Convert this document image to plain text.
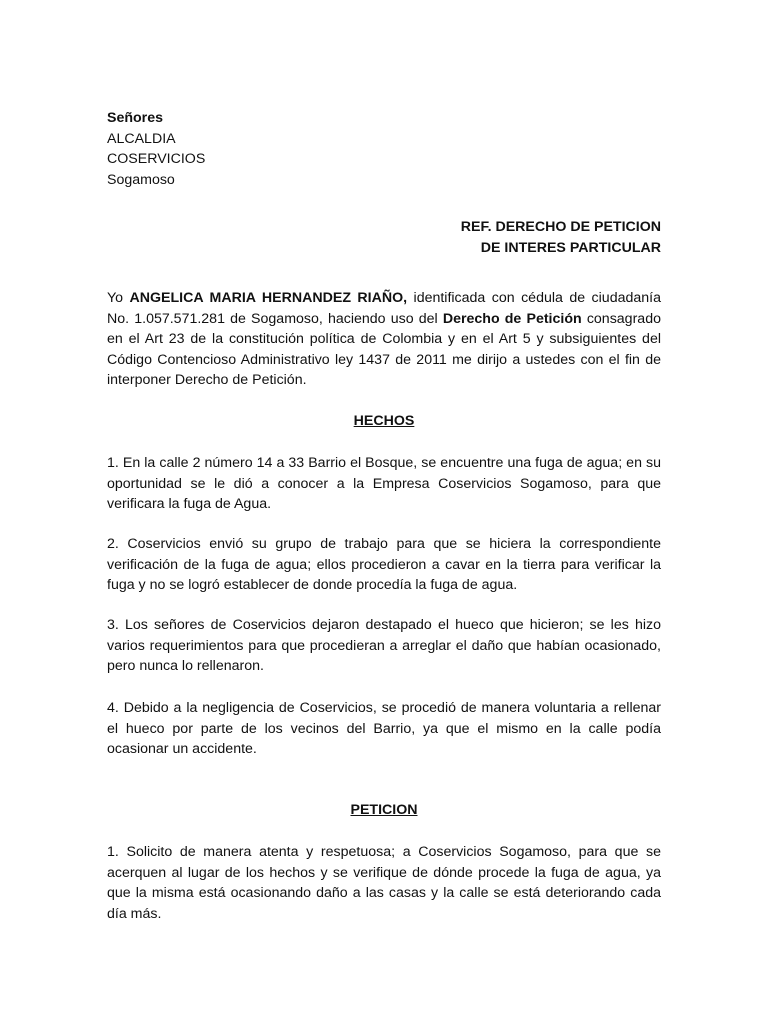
Señores

ALCALDIA

COSERVICIOS

Sogamoso

REF. DERECHO DE PETICION

DE INTERES PARTICULAR

Yo ANGELICA MARIA HERNANDEZ RIAÑO, identificada con cédula de ciudadanía No. 1.057.571.281 de Sogamoso, haciendo uso del Derecho de Petición consagrado en el Art 23 de la constitución política de Colombia y en el Art 5 y subsiguientes del Código Contencioso Administrativo ley 1437 de 2011 me dirijo a ustedes con el fin de interponer Derecho de Petición.

HECHOS

1. En la calle 2 número 14 a 33 Barrio el Bosque, se encuentre una fuga de agua; en su oportunidad se le dió a conocer a la Empresa Coservicios Sogamoso, para que verificara la fuga de Agua.

2. Coservicios envió su grupo de trabajo para que se hiciera la correspondiente verificación de la fuga de agua; ellos procedieron a cavar en la tierra para verificar la fuga y no se logró establecer de donde procedía la fuga de agua.

3. Los señores de Coservicios dejaron destapado el hueco que hicieron; se les hizo varios requerimientos para que procedieran a arreglar el daño que habían ocasionado, pero nunca lo rellenaron.

4. Debido a la negligencia de Coservicios, se procedió de manera voluntaria a rellenar el hueco por parte de los vecinos del Barrio, ya que el mismo en la calle podía ocasionar un accidente.

PETICION

1. Solicito de manera atenta y respetuosa; a Coservicios Sogamoso, para que se acerquen al lugar de los hechos y se verifique de dónde procede la fuga de agua, ya que la misma está ocasionando daño a las casas y la calle se está deteriorando cada día más.
